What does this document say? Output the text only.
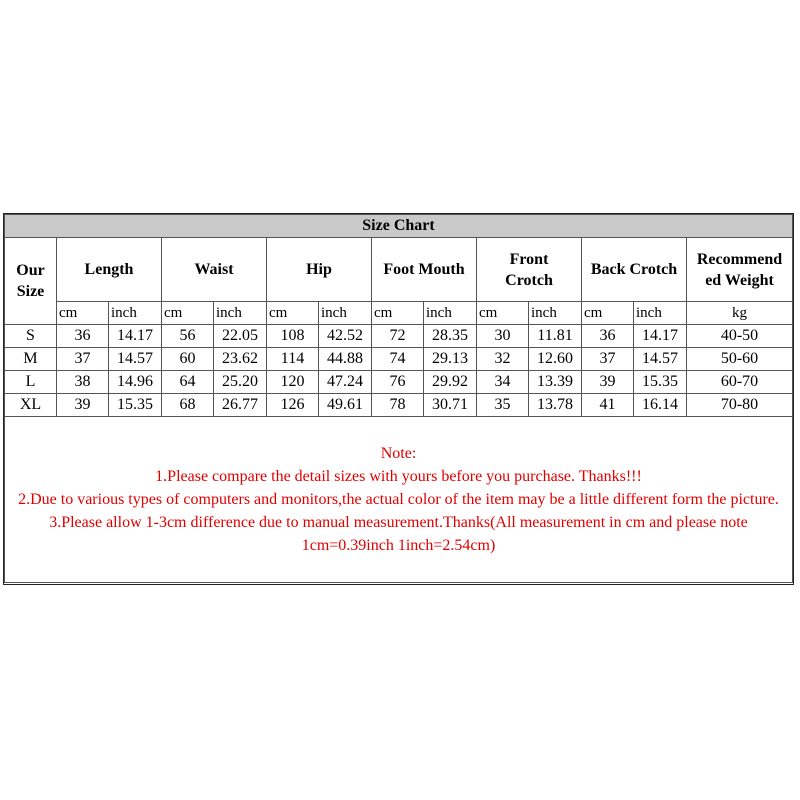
Size Chart													
Our Size	Length		Waist		Hip		Foot Mouth		Front Crotch		Back Crotch		Recommend ed Weight
	cm	inch	cm	inch	cm	inch	cm	inch	cm	inch	cm	inch	kg
S	36	14.17	56	22.05	108	42.52	72	28.35	30	11.81	36	14.17	40-50
M	37	14.57	60	23.62	114	44.88	74	29.13	32	12.60	37	14.57	50-60
L	38	14.96	64	25.20	120	47.24	76	29.92	34	13.39	39	15.35	60-70
XL	39	15.35	68	26.77	126	49.61	78	30.71	35	13.78	41	16.14	70-80

Note:
1.Please compare the detail sizes with yours before you purchase. Thanks!!!
2.Due to various types of computers and monitors,the actual color of the item may be a little different form the picture.
3.Please allow 1-3cm difference due to manual measurement.Thanks(All measurement in cm and please note 1cm=0.39inch 1inch=2.54cm)													
